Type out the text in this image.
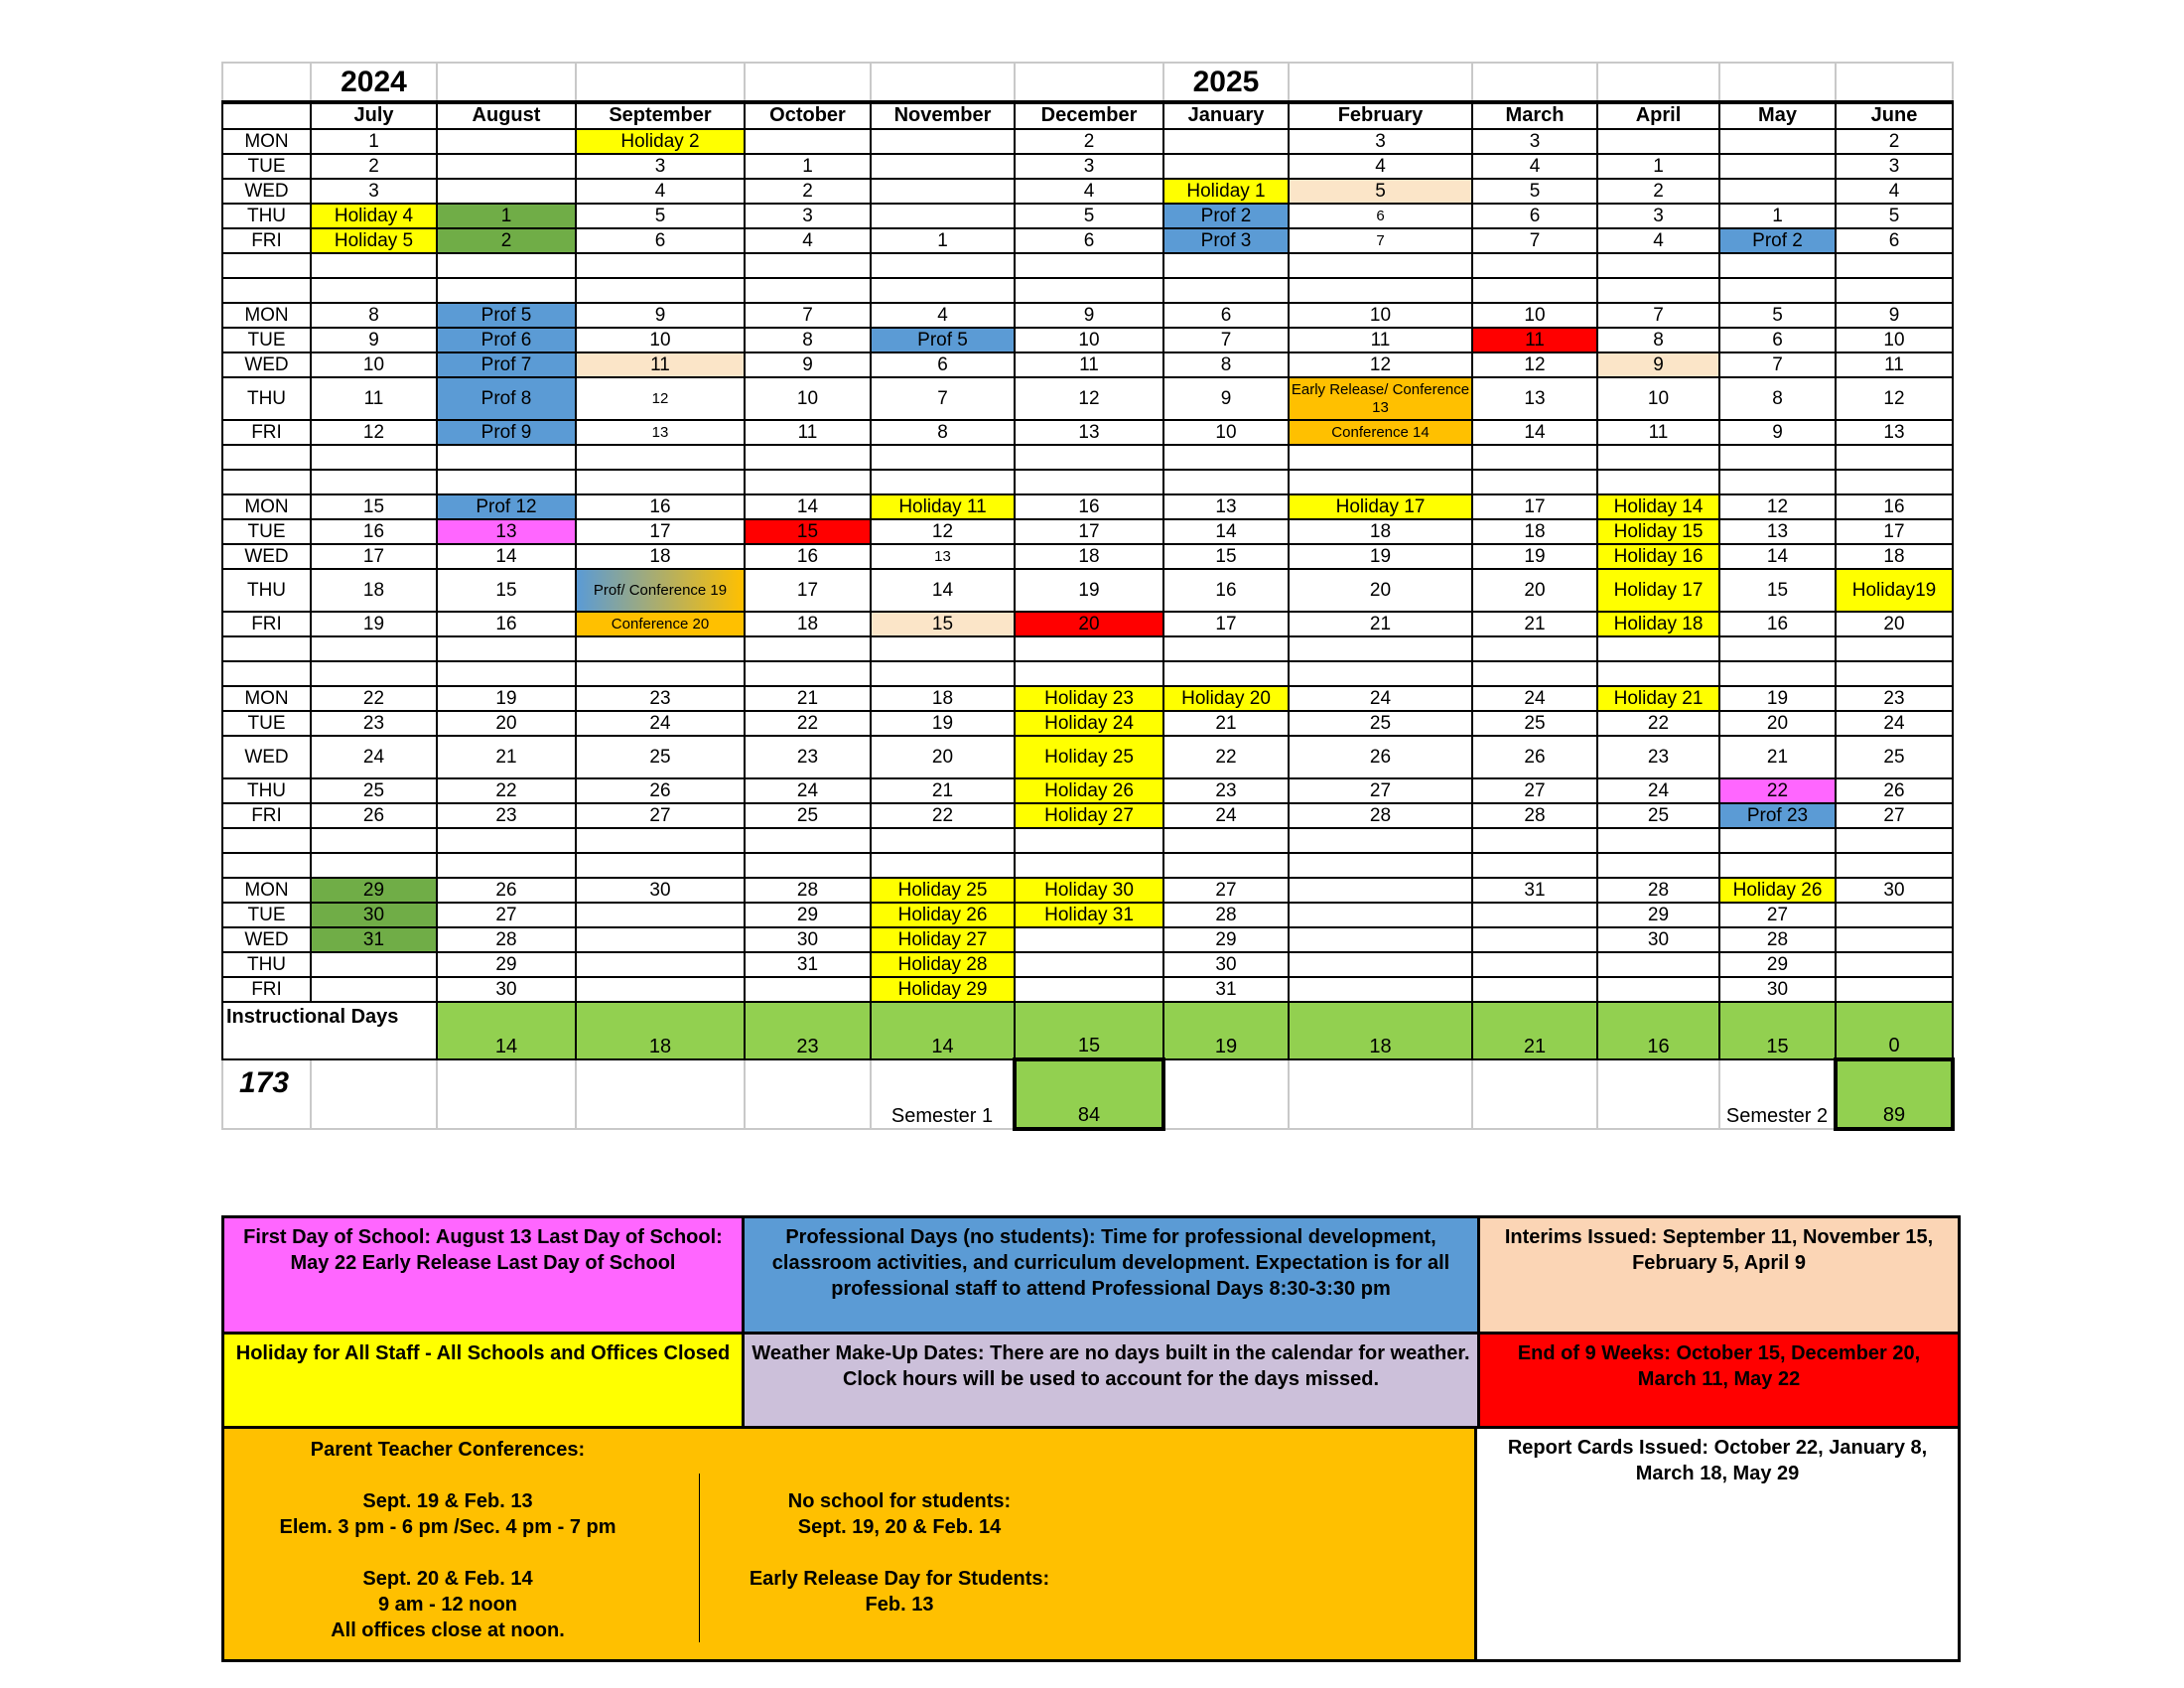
	2024						2025					
	July	August	September	October	November	December	January	February	March	April	May	June
MON	1		Holiday 2			2		3	3			2
TUE	2		3	1		3		4	4	1		3
WED	3		4	2		4	Holiday 1	5	5	2		4
THU	Holiday 4	1	5	3		5	Prof 2	6	6	3	1	5
FRI	Holiday 5	2	6	4	1	6	Prof 3	7	7	4	Prof 2	6

MON	8	Prof 5	9	7	4	9	6	10	10	7	5	9
TUE	9	Prof 6	10	8	Prof 5	10	7	11	11	8	6	10
WED	10	Prof 7	11	9	6	11	8	12	12	9	7	11
THU	11	Prof 8	12	10	7	12	9	Early Release/ Conference 13	13	10	8	12
FRI	12	Prof 9	13	11	8	13	10	Conference 14	14	11	9	13

MON	15	Prof 12	16	14	Holiday 11	16	13	Holiday 17	17	Holiday 14	12	16
TUE	16	13	17	15	12	17	14	18	18	Holiday 15	13	17
WED	17	14	18	16	13	18	15	19	19	Holiday 16	14	18
THU	18	15	Prof/ Conference 19	17	14	19	16	20	20	Holiday 17	15	Holiday19
FRI	19	16	Conference 20	18	15	20	17	21	21	Holiday 18	16	20

MON	22	19	23	21	18	Holiday 23	Holiday 20	24	24	Holiday 21	19	23
TUE	23	20	24	22	19	Holiday 24	21	25	25	22	20	24
WED	24	21	25	23	20	Holiday 25	22	26	26	23	21	25
THU	25	22	26	24	21	Holiday 26	23	27	27	24	22	26
FRI	26	23	27	25	22	Holiday 27	24	28	28	25	Prof 23	27

MON	29	26	30	28	Holiday 25	Holiday 30	27		31	28	Holiday 26	30
TUE	30	27		29	Holiday 26	Holiday 31	28			29	27	
WED	31	28		30	Holiday 27		29			30	28	
THU		29		31	Holiday 28		30				29	
FRI		30			Holiday 29		31				30	
Instructional Days		14	18	23	14	15	19	18	21	16	15	0
173					Semester 1	84					Semester 2	89
First Day of School: August 13 Last Day of School: May 22 Early Release Last Day of School
Professional Days (no students): Time for professional development, classroom activities, and curriculum development. Expectation is for all professional staff to attend Professional Days 8:30-3:30 pm
Interims Issued: September 11, November 15, February 5, April 9
Holiday for All Staff - All Schools and Offices Closed	Weather Make-Up Dates: There are no days built in the calendar for weather. Clock hours will be used to account for the days missed.
End of 9 Weeks: October 15, December 20, March 11, May 22
Parent Teacher Conferences:
Sept. 19 & Feb. 13
Elem. 3 pm - 6 pm /Sec. 4 pm - 7 pm
Sept. 20 & Feb. 14
9 am - 12 noon
All offices close at noon.
No school for students:
Sept. 19, 20 & Feb. 14
Early Release Day for Students:
Feb. 13
Report Cards Issued: October 22, January 8, March 18, May 29
